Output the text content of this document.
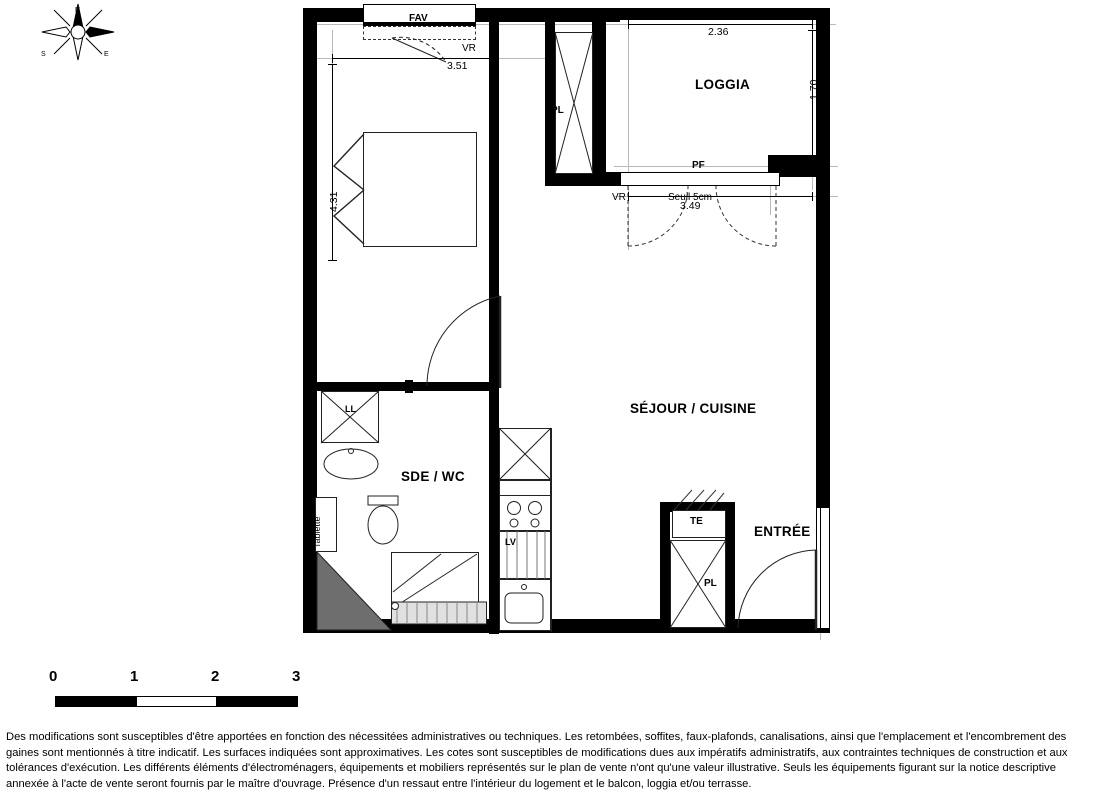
N
S	E
FAV
VR
PF
VR	Seuil 5cm
PL
PL
TE
LOGGIA
SÉJOUR / CUISINE
ENTRÉE
LV
SDE / WC
LL
Tablette
3.51
4.31
2.36
1.70
3.49
5.54
0	1	2	3
Des modifications sont susceptibles d'être apportées en fonction des nécessitées administratives ou techniques. Les retombées, soffites, faux-plafonds, canalisations, ainsi que l'emplacement et l'encombrement des
gaines sont mentionnés à titre indicatif. Les surfaces indiquées sont approximatives. Les cotes sont susceptibles de modifications dues aux impératifs administratifs, aux contraintes techniques de construction et aux
tolérances d'exécution. Les différents éléments d'électroménagers, équipements et mobiliers représentés sur le plan de vente n'ont qu'une valeur illustrative. Seuls les équipements figurant sur la notice descriptive
annexée à l'acte de vente seront fournis par le maître d'ouvrage. Présence d'un ressaut entre l'intérieur du logement et le balcon, loggia et/ou terrasse.
